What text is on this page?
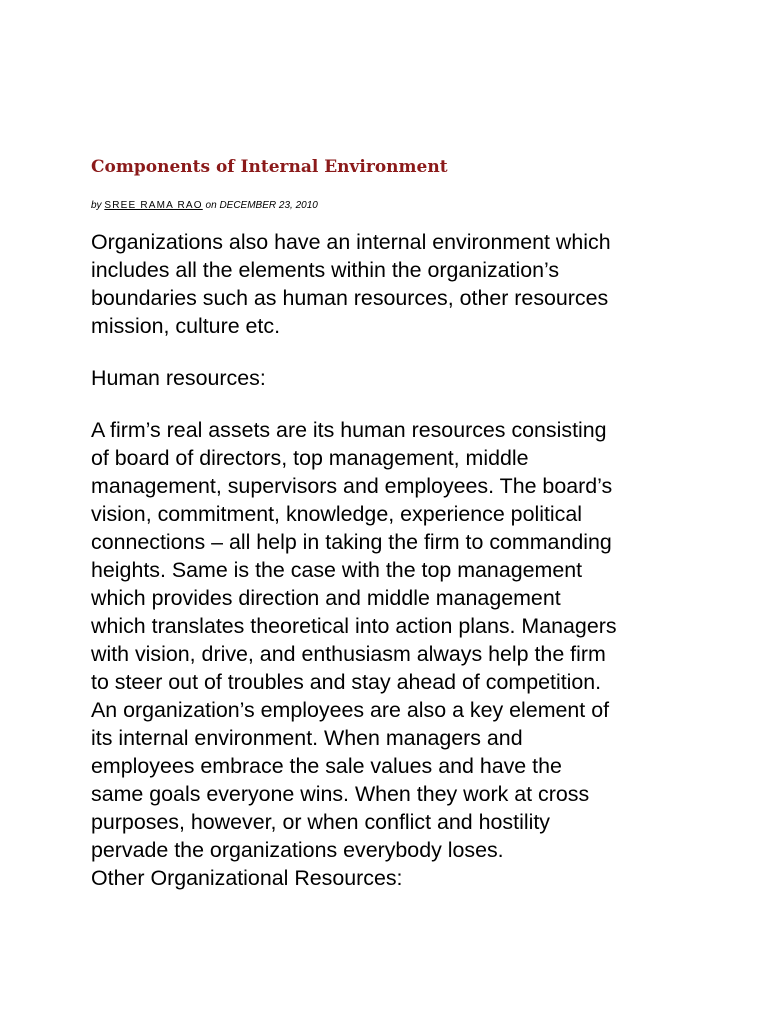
Components of Internal Environment
by SREE RAMA RAO on DECEMBER 23, 2010

Organizations also have an internal environment which
includes all the elements within the organization’s
boundaries such as human resources, other resources
mission, culture etc.

Human resources:

A firm’s real assets are its human resources consisting
of board of directors, top management, middle
management, supervisors and employees. The board’s
vision, commitment, knowledge, experience political
connections – all help in taking the firm to commanding
heights. Same is the case with the top management
which provides direction and middle management
which translates theoretical into action plans. Managers
with vision, drive, and enthusiasm always help the firm
to steer out of troubles and stay ahead of competition.
An organization’s employees are also a key element of
its internal environment. When managers and
employees embrace the sale values and have the
same goals everyone wins. When they work at cross
purposes, however, or when conflict and hostility
pervade the organizations everybody loses.

Other Organizational Resources:
